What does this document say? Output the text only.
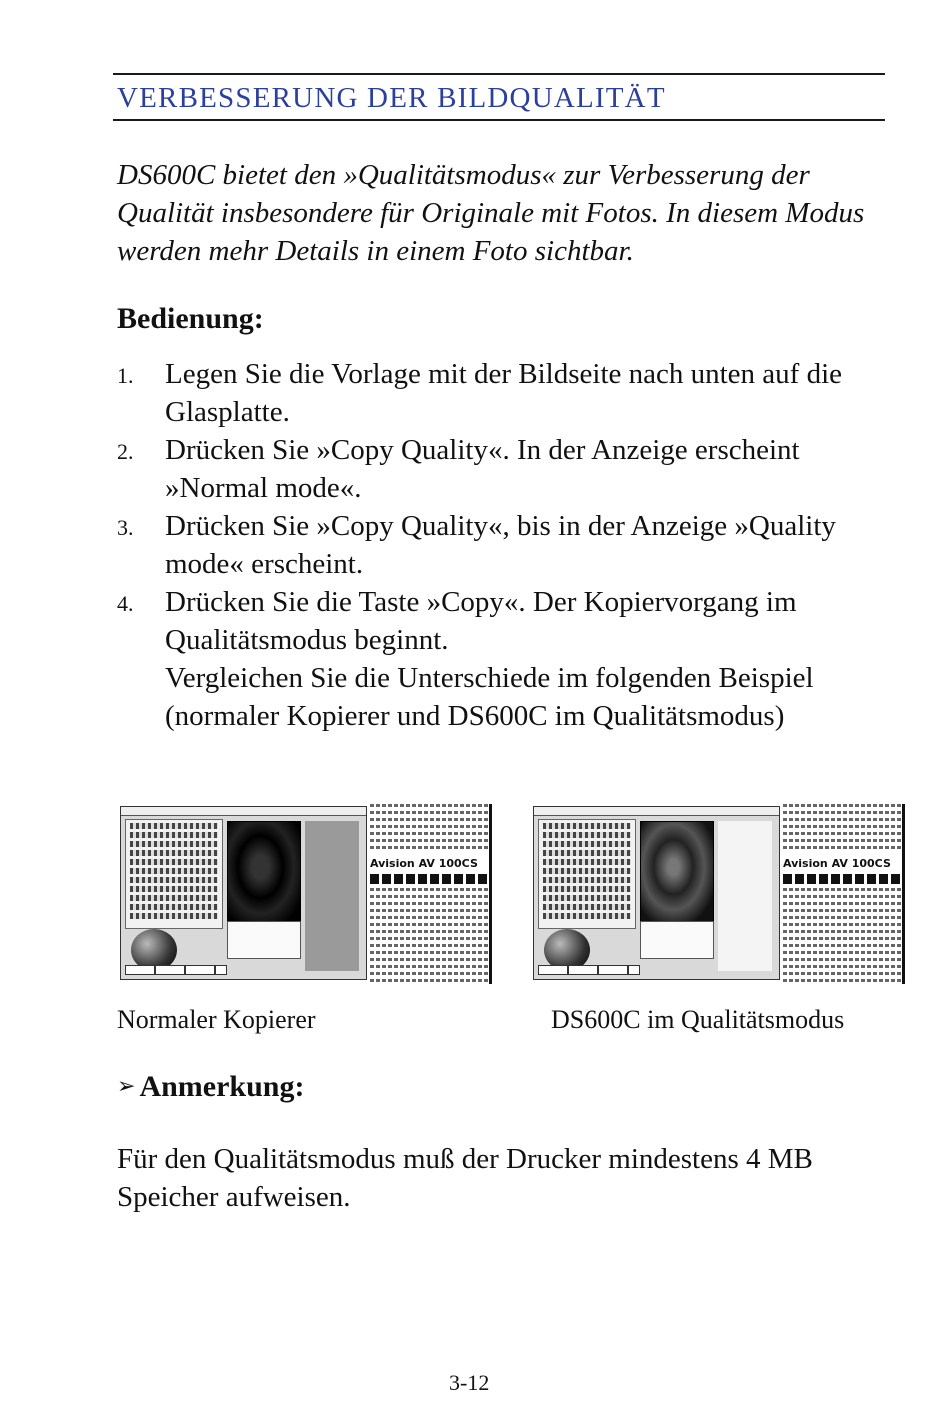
VERBESSERUNG DER BILDQUALITÄT
DS600C bietet den »Qualitätsmodus« zur Verbesserung der Qualität insbesondere für Originale mit Fotos. In diesem Modus werden mehr Details in einem Foto sichtbar.
Bedienung:
1. Legen Sie die Vorlage mit der Bildseite nach unten auf die Glasplatte.
2. Drücken Sie »Copy Quality«. In der Anzeige erscheint »Normal mode«.
3. Drücken Sie »Copy Quality«, bis in der Anzeige »Quality mode« erscheint.
4. Drücken Sie die Taste »Copy«. Der Kopiervorgang im Qualitätsmodus beginnt.
Vergleichen Sie die Unterschiede im folgenden Beispiel (normaler Kopierer und DS600C im Qualitätsmodus)
Avision AV 100CS	Avision AV 100CS
Normaler Kopierer	DS600C im Qualitätsmodus
➢ Anmerkung:
Für den Qualitätsmodus muß der Drucker mindestens 4 MB Speicher aufweisen.
3-12
